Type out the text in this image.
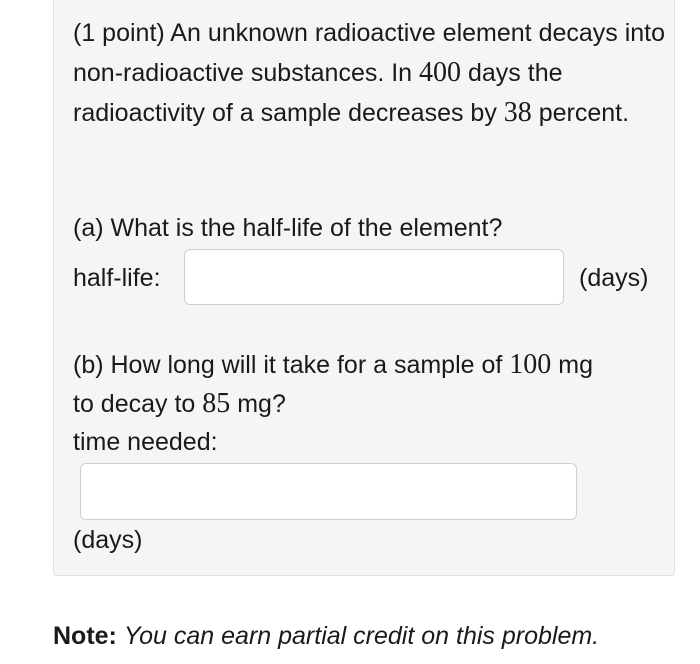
(1 point) An unknown radioactive element decays into non-radioactive substances. In 400 days the radioactivity of a sample decreases by 38 percent.
(a) What is the half-life of the element?
half-life:	(days)
(b) How long will it take for a sample of 100 mg
to decay to 85 mg?
time needed:
(days)
Note: You can earn partial credit on this problem.
